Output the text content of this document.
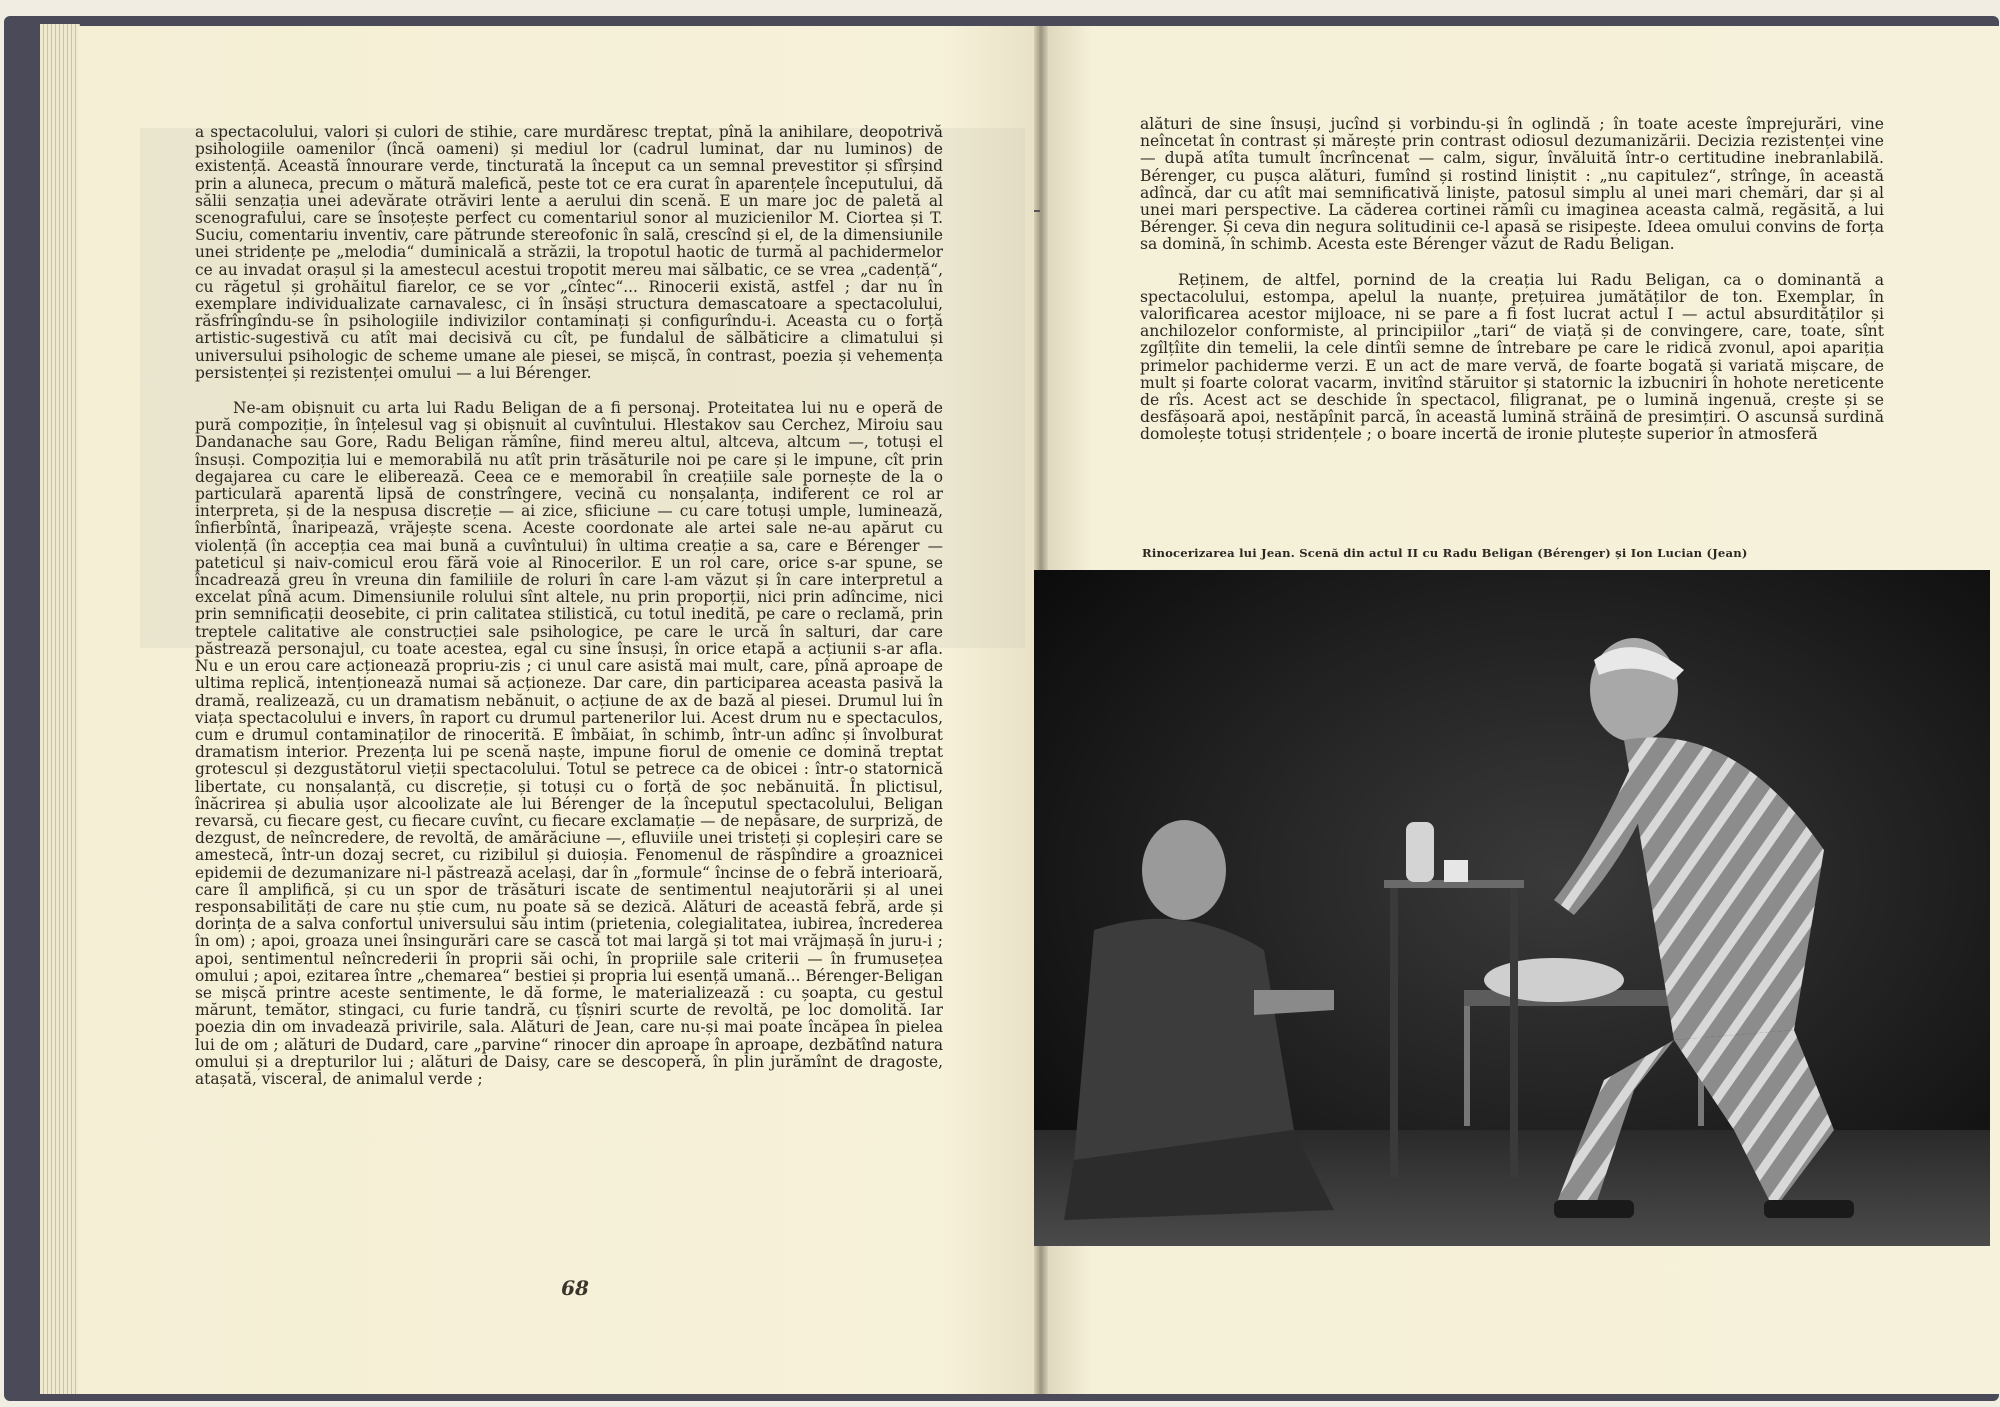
a spectacolului, valori și culori de stihie, care murdăresc treptat, pînă la anihilare, deopotrivă psihologiile oamenilor (încă oameni) și mediul lor (cadrul luminat, dar nu luminos) de existență. Această înnourare verde, tincturată la început ca un semnal prevestitor și sfîrșind prin a aluneca, precum o mătură malefică, peste tot ce era curat în aparențele începutului, dă sălii senzația unei adevărate otrăviri lente a aerului din scenă. E un mare joc de paletă al scenografului, care se însoțește perfect cu comentariul sonor al muzicienilor M. Ciortea și T. Suciu, comentariu inventiv, care pătrunde stereofonic în sală, crescînd și el, de la dimensiunile unei stridențe pe „melodia“ duminicală a străzii, la tropotul haotic de turmă al pachidermelor ce au invadat orașul și la amestecul acestui tropotit mereu mai sălbatic, ce se vrea „cadență“, cu răgetul și grohăitul fiarelor, ce se vor „cîntec“... Rinocerii există, astfel ; dar nu în exemplare individualizate carnavalesc, ci în însăși structura demascatoare a spectacolului, răsfrîngîndu-se în psihologiile indivizilor contaminați și configurîndu-i. Aceasta cu o forță artistic-sugestivă cu atît mai decisivă cu cît, pe fundalul de sălbăticire a climatului și universului psihologic de scheme umane ale piesei, se mișcă, în contrast, poezia și vehemența persistenței și rezistenței omului — a lui Bérenger.

Ne-am obișnuit cu arta lui Radu Beligan de a fi personaj. Proteitatea lui nu e operă de pură compoziție, în înțelesul vag și obișnuit al cuvîntului. Hlestakov sau Cerchez, Miroiu sau Dandanache sau Gore, Radu Beligan rămîne, fiind mereu altul, altceva, altcum —, totuși el însuși. Compoziția lui e memorabilă nu atît prin trăsăturile noi pe care și le impune, cît prin degajarea cu care le eliberează. Ceea ce e memorabil în creațiile sale pornește de la o particulară aparentă lipsă de constrîngere, vecină cu nonșalanța, indiferent ce rol ar interpreta, și de la nespusa discreție — ai zice, sfiiciune — cu care totuși umple, luminează, înfierbîntă, înaripează, vrăjește scena. Aceste coordonate ale artei sale ne-au apărut cu violență (în accepția cea mai bună a cuvîntului) în ultima creație a sa, care e Bérenger — pateticul și naiv-comicul erou fără voie al Rinocerilor. E un rol care, orice s-ar spune, se încadrează greu în vreuna din familiile de roluri în care l-am văzut și în care interpretul a excelat pînă acum. Dimensiunile rolului sînt altele, nu prin proporții, nici prin adîncime, nici prin semnificații deosebite, ci prin calitatea stilistică, cu totul inedită, pe care o reclamă, prin treptele calitative ale construcției sale psihologice, pe care le urcă în salturi, dar care păstrează personajul, cu toate acestea, egal cu sine însuși, în orice etapă a acțiunii s-ar afla. Nu e un erou care acționează propriu-zis ; ci unul care asistă mai mult, care, pînă aproape de ultima replică, intenționează numai să acționeze. Dar care, din participarea aceasta pasivă la dramă, realizează, cu un dramatism nebănuit, o acțiune de ax de bază al piesei. Drumul lui în viața spectacolului e invers, în raport cu drumul partenerilor lui. Acest drum nu e spectaculos, cum e drumul contaminaților de rinocerită. E îmbăiat, în schimb, într-un adînc și învolburat dramatism interior. Prezența lui pe scenă naște, impune fiorul de omenie ce domină treptat grotescul și dezgustătorul vieții spectacolului. Totul se petrece ca de obicei : într-o statornică libertate, cu nonșalanță, cu discreție, și totuși cu o forță de șoc nebănuită. În plictisul, înăcrirea și abulia ușor alcoolizate ale lui Bérenger de la începutul spectacolului, Beligan revarsă, cu fiecare gest, cu fiecare cuvînt, cu fiecare exclamație — de nepăsare, de surpriză, de dezgust, de neîncredere, de revoltă, de amărăciune —, efluviile unei tristeți și copleșiri care se amestecă, într-un dozaj secret, cu rizibilul și duioșia. Fenomenul de răspîndire a groaznicei epidemii de dezumanizare ni-l păstrează același, dar în „formule“ încinse de o febră interioară, care îl amplifică, și cu un spor de trăsături iscate de sentimentul neajutorării și al unei responsabilități de care nu știe cum, nu poate să se dezică. Alături de această febră, arde și dorința de a salva confortul universului său intim (prietenia, colegialitatea, iubirea, încrederea în om) ; apoi, groaza unei însingurări care se cască tot mai largă și tot mai vrăjmașă în juru-i ; apoi, sentimentul neîncrederii în proprii săi ochi, în propriile sale criterii — în frumusețea omului ; apoi, ezitarea între „chemarea“ bestiei și propria lui esență umană... Bérenger-Beligan se mișcă printre aceste sentimente, le dă forme, le materializează : cu șoapta, cu gestul mărunt, temător, stingaci, cu furie tandră, cu țîșniri scurte de revoltă, pe loc domolită. Iar poezia din om invadează privirile, sala. Alături de Jean, care nu-și mai poate încăpea în pielea lui de om ; alături de Dudard, care „parvine“ rinocer din aproape în aproape, dezbătînd natura omului și a drepturilor lui ; alături de Daisy, care se descoperă, în plin jurămînt de dragoste, atașată, visceral, de animalul verde ;

68

alături de sine însuși, jucînd și vorbindu-și în oglindă ; în toate aceste împrejurări, vine neîncetat în contrast și mărește prin contrast odiosul dezumanizării. Decizia rezistenței vine — după atîta tumult încrîncenat — calm, sigur, învăluită într-o certitudine inebranlabilă. Bérenger, cu pușca alături, fumînd și rostind liniștit : „nu capitulez“, strînge, în această adîncă, dar cu atît mai semnificativă liniște, patosul simplu al unei mari chemări, dar și al unei mari perspective. La căderea cortinei rămîi cu imaginea aceasta calmă, regăsită, a lui Bérenger. Și ceva din negura solitudinii ce-l apasă se risipește. Ideea omului convins de forța sa domină, în schimb. Acesta este Bérenger văzut de Radu Beligan.

Reținem, de altfel, pornind de la creația lui Radu Beligan, ca o dominantă a spectacolului, estompa, apelul la nuanțe, prețuirea jumătăților de ton. Exemplar, în valorificarea acestor mijloace, ni se pare a fi fost lucrat actul I — actul absurdităților și anchilozelor conformiste, al principiilor „tari“ de viață și de convingere, care, toate, sînt zgîlțîite din temelii, la cele dintîi semne de întrebare pe care le ridică zvonul, apoi apariția primelor pachiderme verzi. E un act de mare vervă, de foarte bogată și variată mișcare, de mult și foarte colorat vacarm, invitînd stăruitor și statornic la izbucniri în hohote nereticente de rîs. Acest act se deschide în spectacol, filigranat, pe o lumină ingenuă, crește și se desfășoară apoi, nestăpînit parcă, în această lumină străină de presimțiri. O ascunsă surdină domolește totuși stridențele ; o boare incertă de ironie plutește superior în atmosferă

Rinocerizarea lui Jean. Scenă din actul II cu Radu Beligan (Bérenger) și Ion Lucian (Jean)
